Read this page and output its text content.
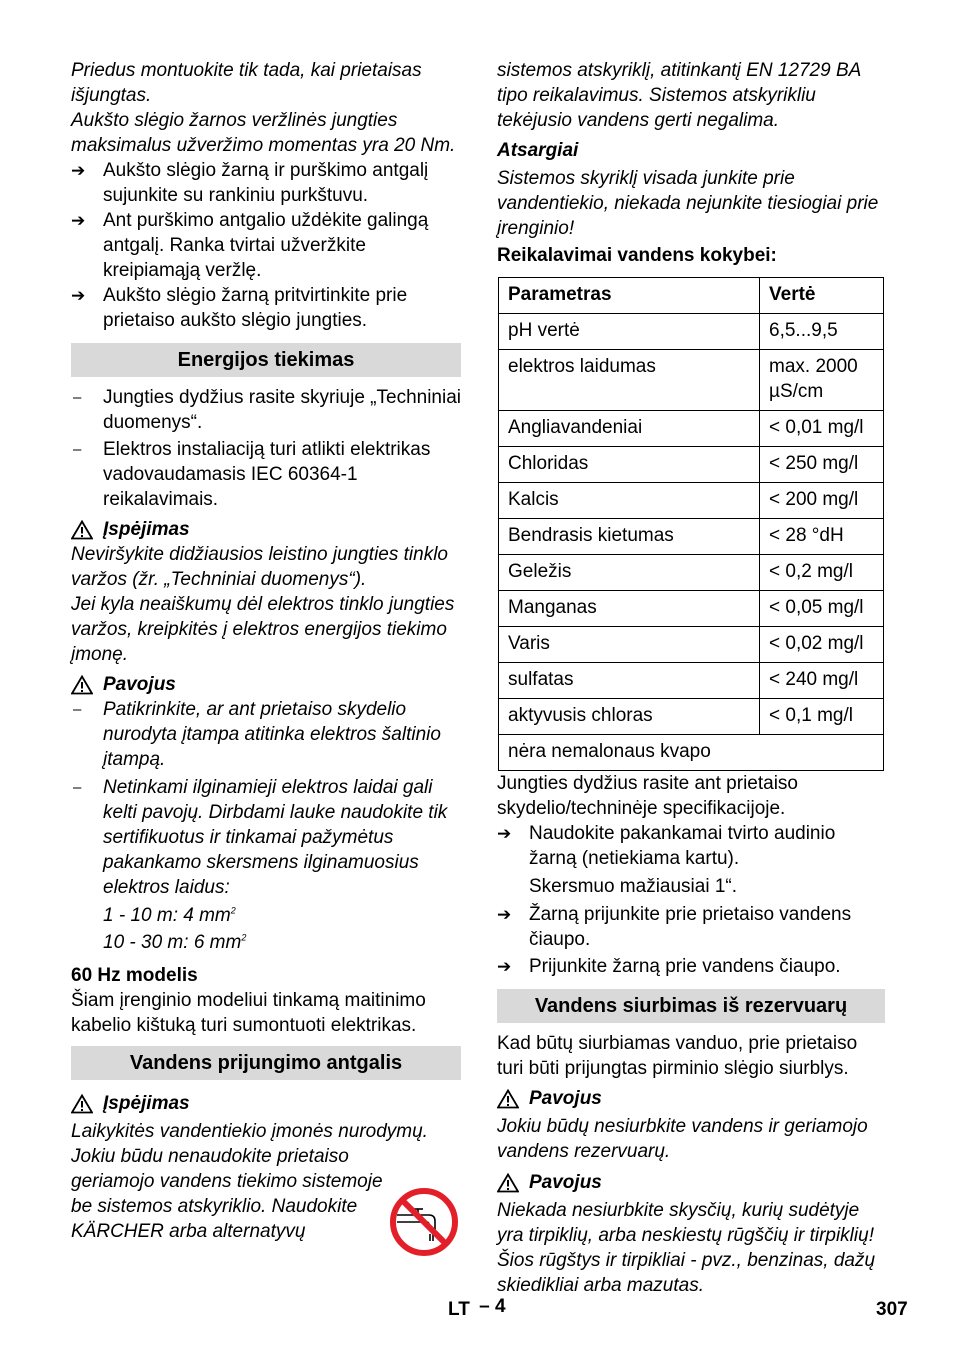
Priedus montuokite tik tada, kai prietaisas išjungtas.

Aukšto slėgio žarnos veržlinės jungties maksimalus užveržimo momentas yra 20 Nm.

➔ Aukšto slėgio žarną ir purškimo antgalį sujunkite su rankiniu purkštuvu.

➔ Ant purškimo antgalio uždėkite galingą antgalį. Ranka tvirtai užveržkite kreipiamąją veržlę.

➔ Aukšto slėgio žarną pritvirtinkite prie prietaiso aukšto slėgio jungties.

Energijos tiekimas
–	Jungties dydžius rasite skyriuje „Techniniai duomenys“.

–	Elektros instaliaciją turi atlikti elektrikas vadovaudamasis IEC 60364-1 reikalavimais.

Įspėjimas

Neviršykite didžiausios leistino jungties tinklo varžos (žr. „Techniniai duomenys“).

Jei kyla neaiškumų dėl elektros tinklo jungties varžos, kreipkitės į elektros energijos tiekimo įmonę.

Pavojus
–	Patikrinkite, ar ant prietaiso skydelio nurodyta įtampa atitinka elektros šaltinio įtampą.

–	Netinkami ilginamieji elektros laidai gali kelti pavojų. Dirbdami lauke naudokite tik sertifikuotus ir tinkamai pažymėtus pakankamo skersmens ilginamuosius elektros laidus:

1 - 10 m: 4 $mm^2$

10 - 30 m: 6 $mm^2$

60 Hz modelis

Šiam įrenginio modeliui tinkamą maitinimo kabelio kištuką turi sumontuoti elektrikas.

Vandens prijungimo antgalis
Įspėjimas

Laikykitės vandentiekio įmonės nurodymų.

Jokiu būdu nenaudokite prietaiso geriamojo vandens tiekimo sistemoje be sistemos atskyriklio. Naudokite KÄRCHER arba alternatyvų

sistemos atskyriklį, atitinkantį EN 12729 BA tipo reikalavimus. Sistemos atskyrikliu tekėjusio vandens gerti negalima.

Atsargiai

Sistemos skyriklį visada junkite prie vandentiekio, niekada nejunkite tiesiogiai prie įrenginio!

Reikalavimai vandens kokybei:

Parametras	Vertė
pH vertė	6,5...9,5
elektros laidumas	max. 2000 µS/cm
Angliavandeniai	< 0,01 mg/l
Chloridas	< 250 mg/l
Kalcis	< 200 mg/l
Bendrasis kietumas	< 28 °dH
Geležis	< 0,2 mg/l
Manganas	< 0,05 mg/l
Varis	< 0,02 mg/l
sulfatas	< 240 mg/l
aktyvusis chloras	< 0,1 mg/l
nėra nemalonaus kvapo	

Jungties dydžius rasite ant prietaiso skydelio/techninėje specifikacijoje.

➔ Naudokite pakankamai tvirto audinio žarną (netiekiama kartu).

Skersmuo mažiausiai 1“.

➔ Žarną prijunkite prie prietaiso vandens čiaupo.

➔ Prijunkite žarną prie vandens čiaupo.

Vandens siurbimas iš rezervuarų

Kad būtų siurbiamas vanduo, prie prietaiso turi būti prijungtas pirminio slėgio siurblys.

Pavojus

Jokiu būdų nesiurbkite vandens ir geriamojo vandens rezervuarų.

Pavojus

Niekada nesiurbkite skysčių, kurių sudėtyje yra tirpiklių, arba neskiestų rūgščių ir tirpiklių! Šios rūgštys ir tirpikliai - pvz., benzinas, dažų skiedikliai arba mazutas.

LT – 4	307
